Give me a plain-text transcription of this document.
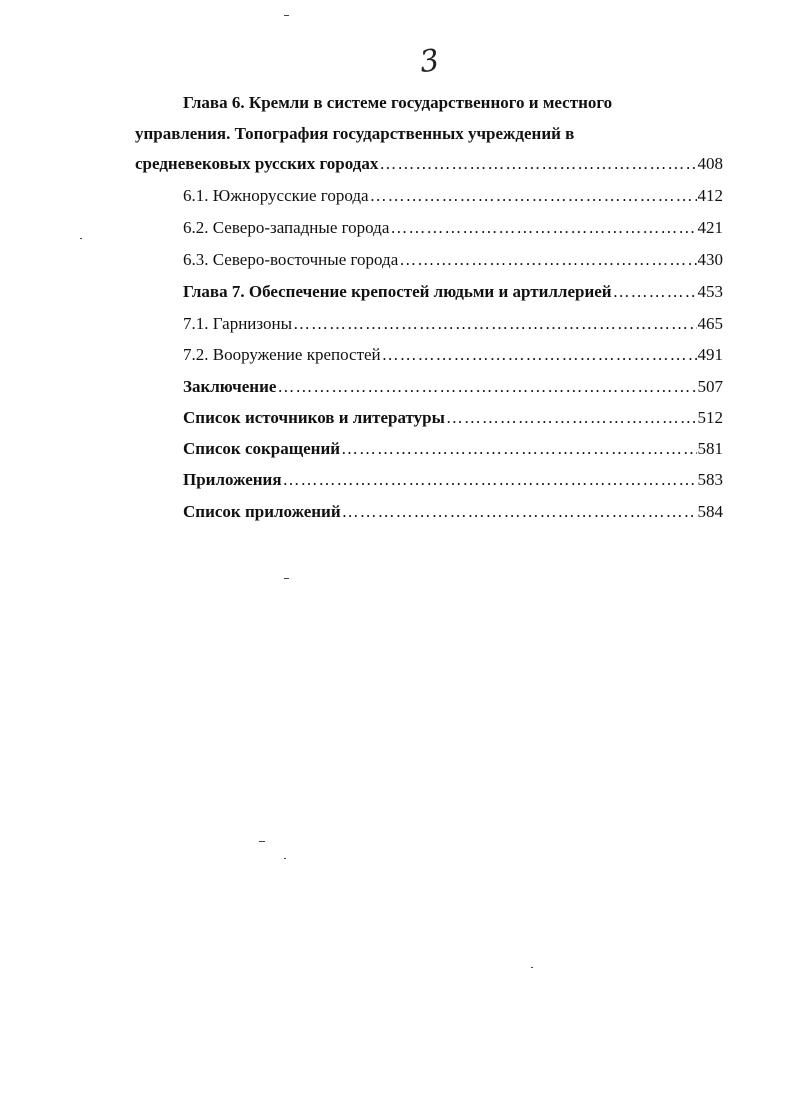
3
Глава 6. Кремли в системе государственного и местного
управления. Топография государственных учреждений в
средневековых русских городах …………………………………………………………………………………………………………………………………………………………	408
6.1. Южнорусские города …………………………………………………………………………………………………………………………………………………………	412
6.2. Северо-западные города …………………………………………………………………………………………………………………………………………………………	421
6.3. Северо-восточные города …………………………………………………………………………………………………………………………………………………………	430
Глава 7. Обеспечение крепостей людьми и артиллерией …………………………………………………………………………………………………………………………………………………………	453
7.1. Гарнизоны …………………………………………………………………………………………………………………………………………………………	465
7.2. Вооружение крепостей …………………………………………………………………………………………………………………………………………………………	491
Заключение …………………………………………………………………………………………………………………………………………………………	507
Список источников и литературы …………………………………………………………………………………………………………………………………………………………	512
Список сокращений …………………………………………………………………………………………………………………………………………………………	581
Приложения …………………………………………………………………………………………………………………………………………………………	583
Список приложений …………………………………………………………………………………………………………………………………………………………	584
